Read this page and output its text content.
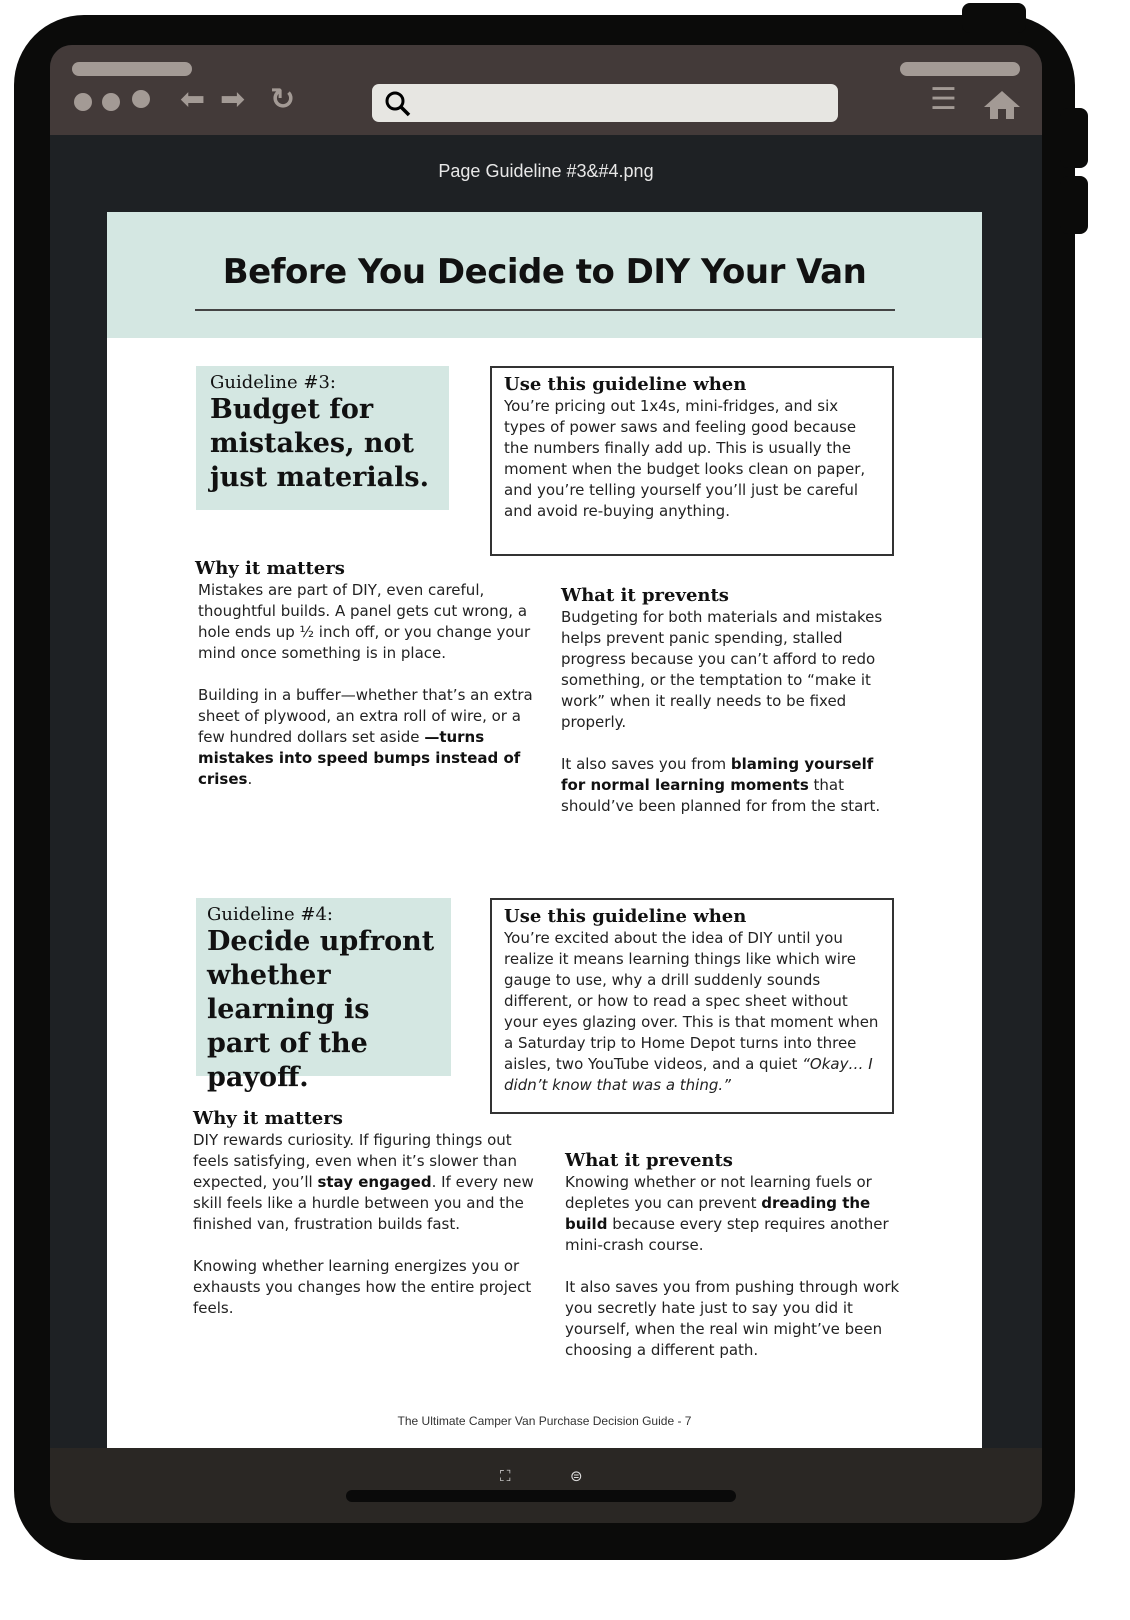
⬅ ➡ ↻	☰
Page Guideline #3&#4.png
Before You Decide to DIY Your Van
Guideline #3:
Budget for mistakes, not just materials.
Use this guideline when
You’re pricing out 1x4s, mini-fridges, and six types of power saws and feeling good because the numbers finally add up. This is usually the moment when the budget looks clean on paper, and you’re telling yourself you’ll just be careful and avoid re-buying anything.
Why it matters
Mistakes are part of DIY, even careful, thoughtful builds. A panel gets cut wrong, a hole ends up ½ inch off, or you change your mind once something is in place.
Building in a buffer—whether that’s an extra sheet of plywood, an extra roll of wire, or a few hundred dollars set aside —turns mistakes into speed bumps instead of crises.
What it prevents
Budgeting for both materials and mistakes helps prevent panic spending, stalled progress because you can’t afford to redo something, or the temptation to “make it work” when it really needs to be fixed properly.
It also saves you from blaming yourself for normal learning moments that should’ve been planned for from the start.
Guideline #4:
Decide upfront whether learning is part of the payoff.
Use this guideline when
You’re excited about the idea of DIY until you realize it means learning things like which wire gauge to use, why a drill suddenly sounds different, or how to read a spec sheet without your eyes glazing over. This is that moment when a Saturday trip to Home Depot turns into three aisles, two YouTube videos, and a quiet “Okay… I didn’t know that was a thing.”
Why it matters
DIY rewards curiosity. If figuring things out feels satisfying, even when it’s slower than expected, you’ll stay engaged. If every new skill feels like a hurdle between you and the finished van, frustration builds fast.
Knowing whether learning energizes you or exhausts you changes how the entire project feels.
What it prevents
Knowing whether or not learning fuels or depletes you can prevent dreading the build because every step requires another mini-crash course.
It also saves you from pushing through work you secretly hate just to say you did it yourself, when the real win might’ve been choosing a different path.
The Ultimate Camper Van Purchase Decision Guide - 7
⛶	⊜
